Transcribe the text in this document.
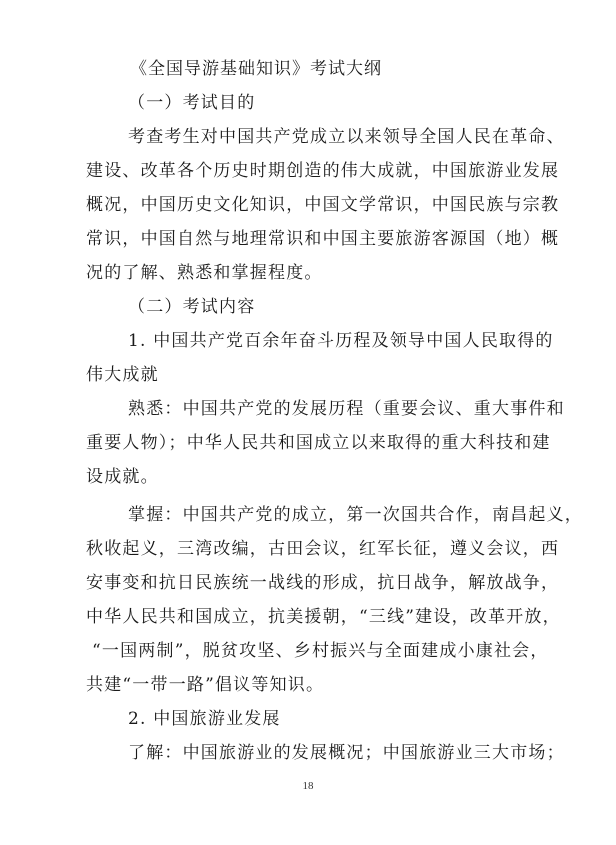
《全国导游基础知识》考试大纲
（一）考试目的
考查考生对中国共产党成立以来领导全国人民在革命、
建设、改革各个历史时期创造的伟大成就，中国旅游业发展
概况，中国历史文化知识，中国文学常识，中国民族与宗教
常识，中国自然与地理常识和中国主要旅游客源国（地）概
况的了解、熟悉和掌握程度。
（二）考试内容
1. 中国共产党百余年奋斗历程及领导中国人民取得的
伟大成就
熟悉：中国共产党的发展历程（重要会议、重大事件和
重要人物）；中华人民共和国成立以来取得的重大科技和建
设成就。
掌握：中国共产党的成立，第一次国共合作，南昌起义，
秋收起义，三湾改编，古田会议，红军长征，遵义会议，西
安事变和抗日民族统一战线的形成，抗日战争，解放战争，
中华人民共和国成立，抗美援朝，“三线”建设，改革开放，
“一国两制”，脱贫攻坚、乡村振兴与全面建成小康社会，
共建“一带一路”倡议等知识。
2. 中国旅游业发展
了解：中国旅游业的发展概况；中国旅游业三大市场；
18
